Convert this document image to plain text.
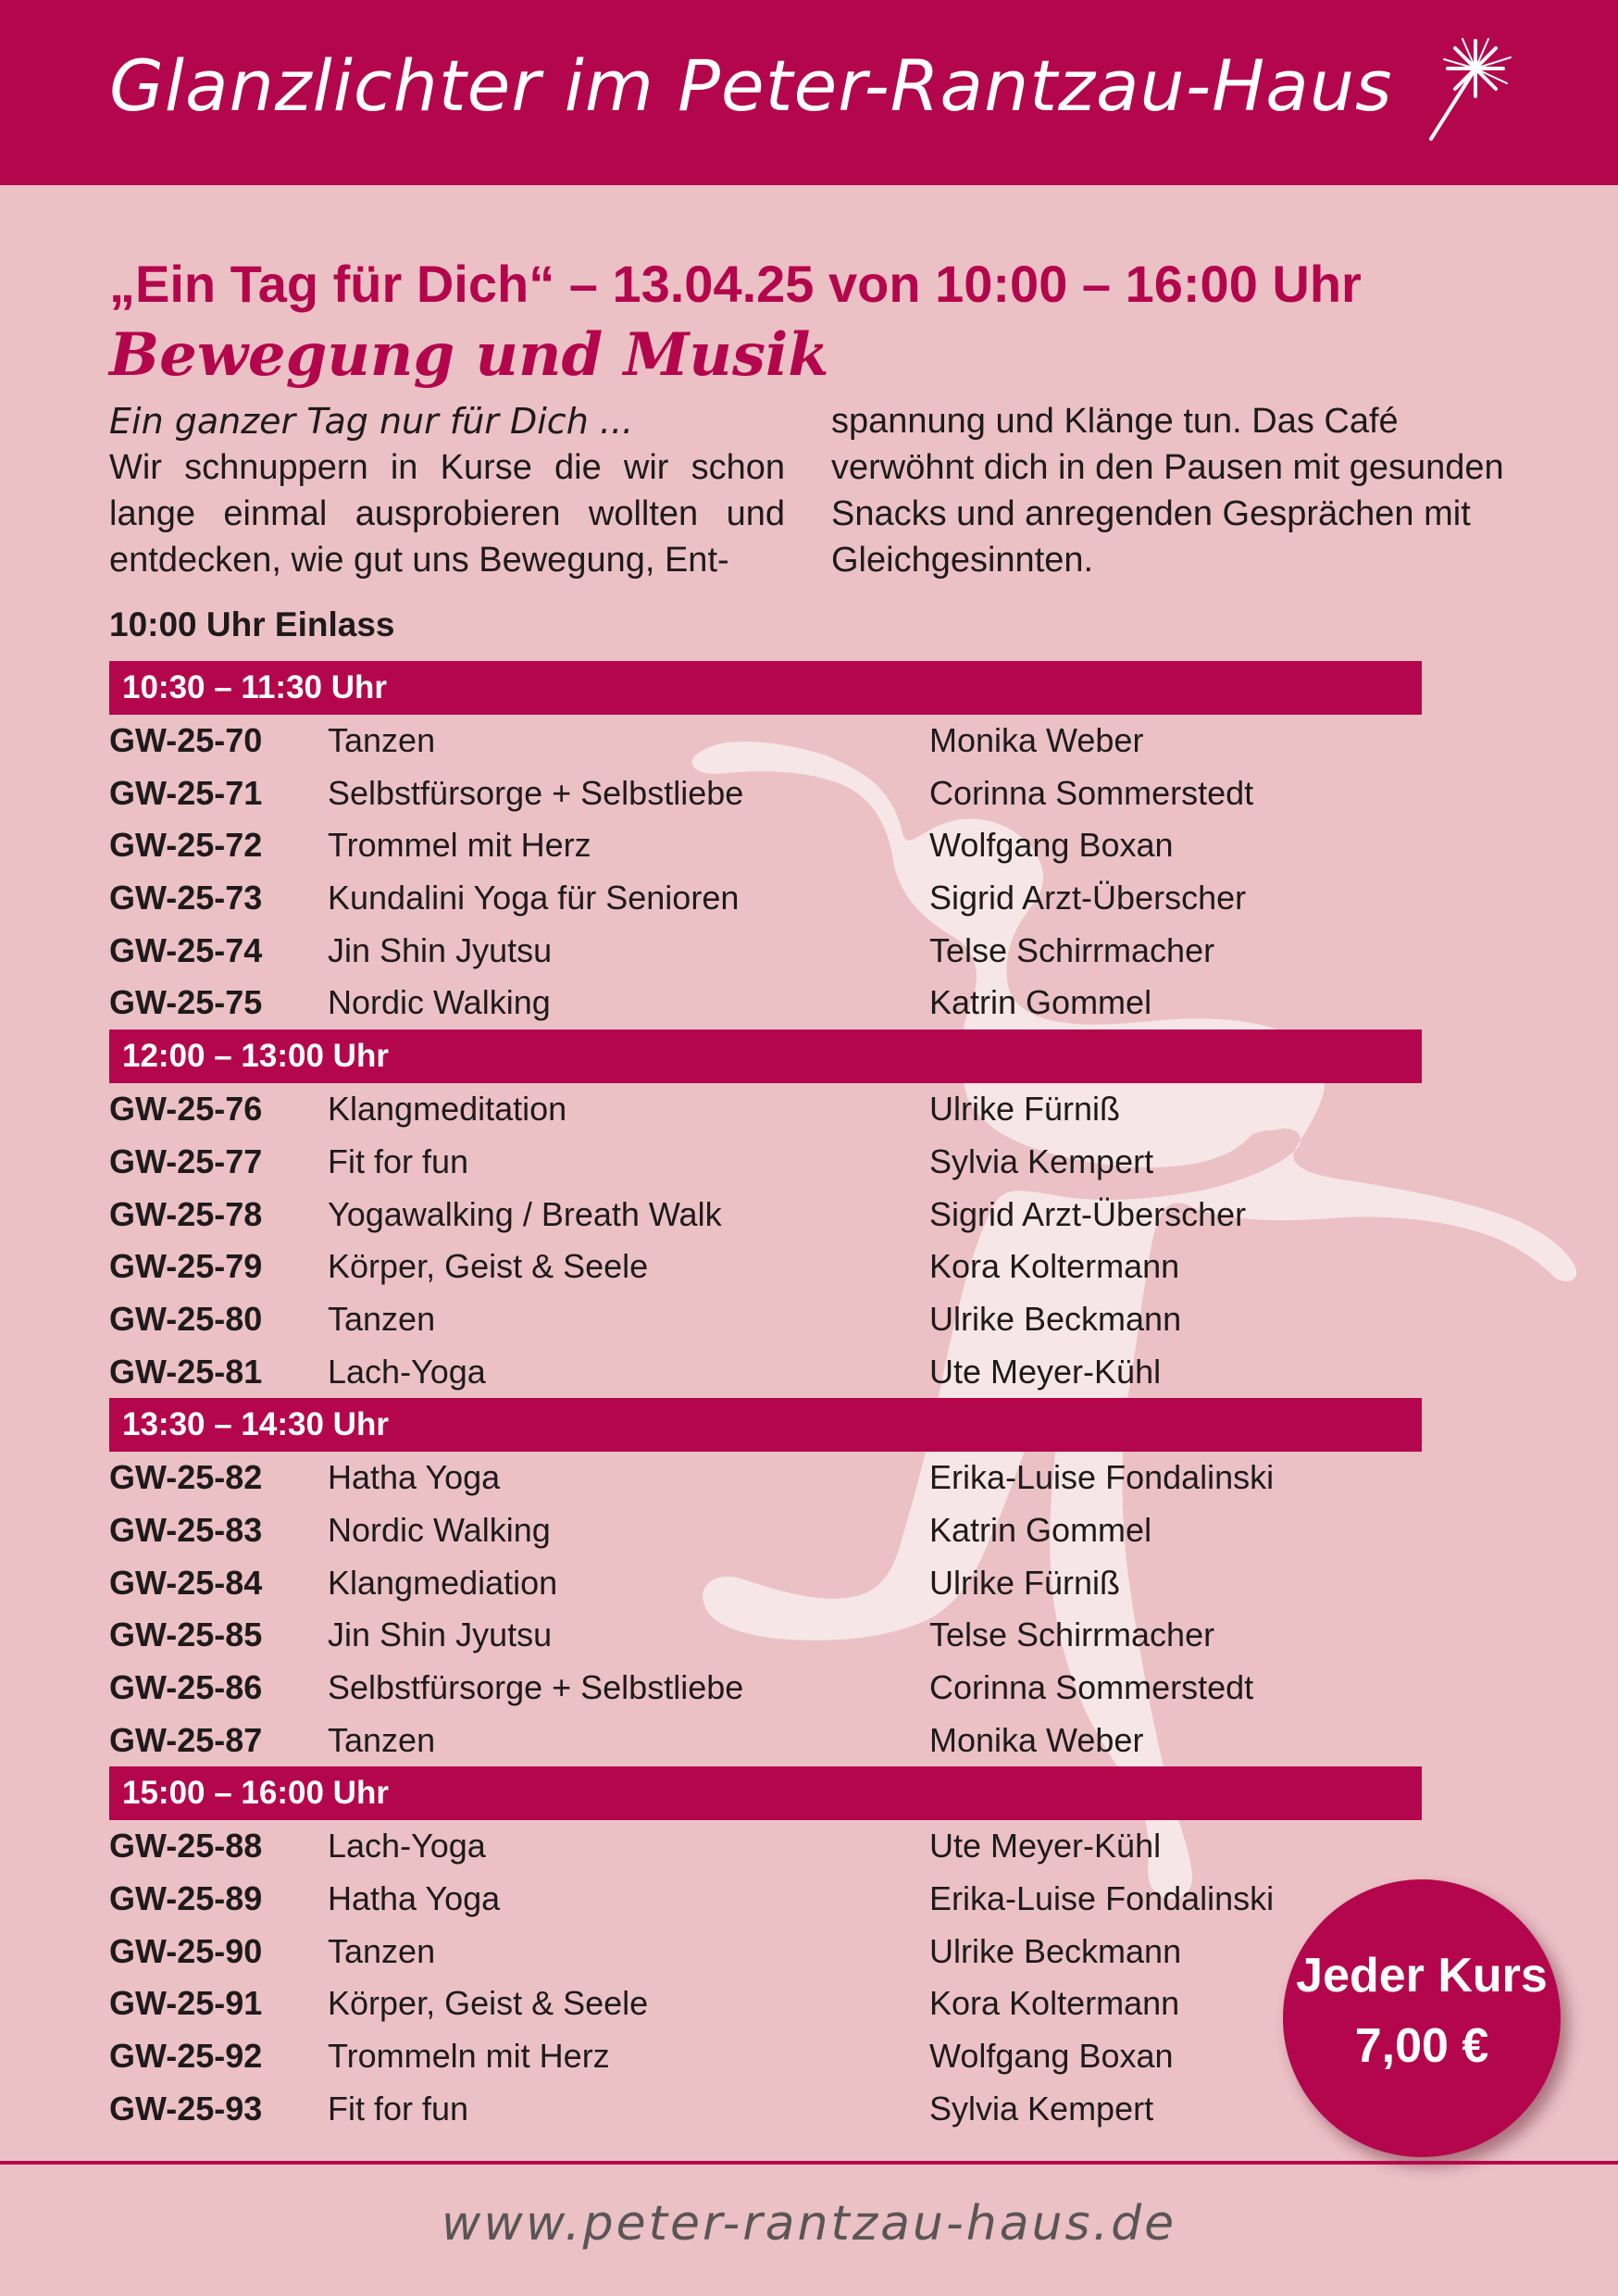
Glanzlichter im Peter-Rantzau-Haus
„Ein Tag für Dich“ – 13.04.25 von 10:00 – 16:00 Uhr
Bewegung und Musik
Ein ganzer Tag nur für Dich ...
Wir schnuppern in Kurse die wir schon lange einmal ausprobieren wollten und entdecken, wie gut uns Bewegung, Ent-
spannung und Klänge tun. Das Café verwöhnt dich in den Pausen mit gesunden Snacks und anregenden Gesprächen mit Gleichgesinnten.
10:00 Uhr Einlass
10:30 – 11:30 Uhr
GW-25-70 Tanzen	Monika Weber
GW-25-71 Selbstfürsorge + Selbstliebe	Corinna Sommerstedt
GW-25-72 Trommel mit Herz	Wolfgang Boxan
GW-25-73 Kundalini Yoga für Senioren	Sigrid Arzt-Überscher
GW-25-74 Jin Shin Jyutsu	Telse Schirrmacher
GW-25-75 Nordic Walking	Katrin Gommel
12:00 – 13:00 Uhr
GW-25-76 Klangmeditation	Ulrike Fürniß
GW-25-77 Fit for fun	Sylvia Kempert
GW-25-78 Yogawalking / Breath Walk	Sigrid Arzt-Überscher
GW-25-79 Körper, Geist & Seele	Kora Koltermann
GW-25-80 Tanzen	Ulrike Beckmann
GW-25-81 Lach-Yoga	Ute Meyer-Kühl
13:30 – 14:30 Uhr
GW-25-82 Hatha Yoga	Erika-Luise Fondalinski
GW-25-83 Nordic Walking	Katrin Gommel
GW-25-84 Klangmediation	Ulrike Fürniß
GW-25-85 Jin Shin Jyutsu	Telse Schirrmacher
GW-25-86 Selbstfürsorge + Selbstliebe	Corinna Sommerstedt
GW-25-87 Tanzen	Monika Weber
15:00 – 16:00 Uhr
GW-25-88 Lach-Yoga	Ute Meyer-Kühl
GW-25-89 Hatha Yoga	Erika-Luise Fondalinski
GW-25-90 Tanzen	Ulrike Beckmann
GW-25-91 Körper, Geist & Seele	Kora Koltermann
GW-25-92 Trommeln mit Herz	Wolfgang Boxan
GW-25-93 Fit for fun	Sylvia Kempert
Jeder Kurs
7,00 €
www.peter-rantzau-haus.de
